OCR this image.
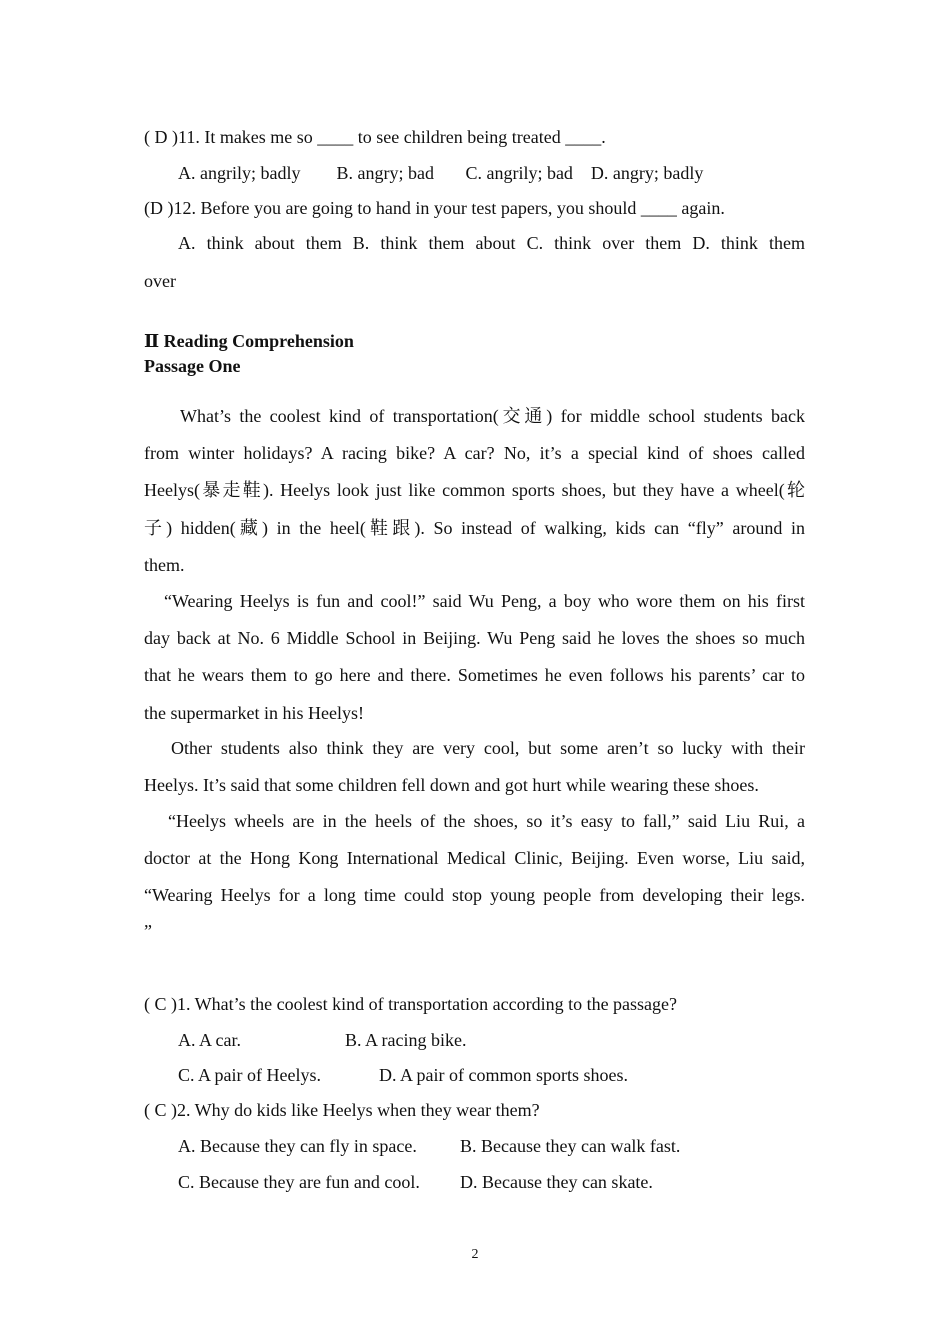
( D )11. It makes me so ____ to see children being treated ____.
A. angrily; badly        B. angry; bad       C. angrily; bad    D. angry; badly
(D )12. Before you are going to hand in your test papers, you should ____ again.
A. think about them B. think them about C. think over them D. think them
over
Ⅱ Reading Comprehension
Passage One
What’s the coolest kind of transportation(交通) for middle school students back
from winter holidays? A racing bike? A car? No, it’s a special kind of shoes called
Heelys(暴走鞋). Heelys look just like common sports shoes, but they have a wheel(轮
子) hidden(藏) in the heel(鞋跟). So instead of walking, kids can “fly” around in
them.
“Wearing Heelys is fun and cool!” said Wu Peng, a boy who wore them on his first
day back at No. 6 Middle School in Beijing. Wu Peng said he loves the shoes so much
that he wears them to go here and there. Sometimes he even follows his parents’ car to
the supermarket in his Heelys!
Other students also think they are very cool, but some aren’t so lucky with their
Heelys. It’s said that some children fell down and got hurt while wearing these shoes.
“Heelys wheels are in the heels of the shoes, so it’s easy to fall,” said Liu Rui, a
doctor at the Hong Kong International Medical Clinic, Beijing. Even worse, Liu said,
“Wearing Heelys for a long time could stop young people from developing their legs.
”
( C )1. What’s the coolest kind of transportation according to the passage?
A. A car.	B. A racing bike.
C. A pair of Heelys.	D. A pair of common sports shoes.
( C )2. Why do kids like Heelys when they wear them?
A. Because they can fly in space. B. Because they can walk fast.
C. Because they are fun and cool. D. Because they can skate.
2
